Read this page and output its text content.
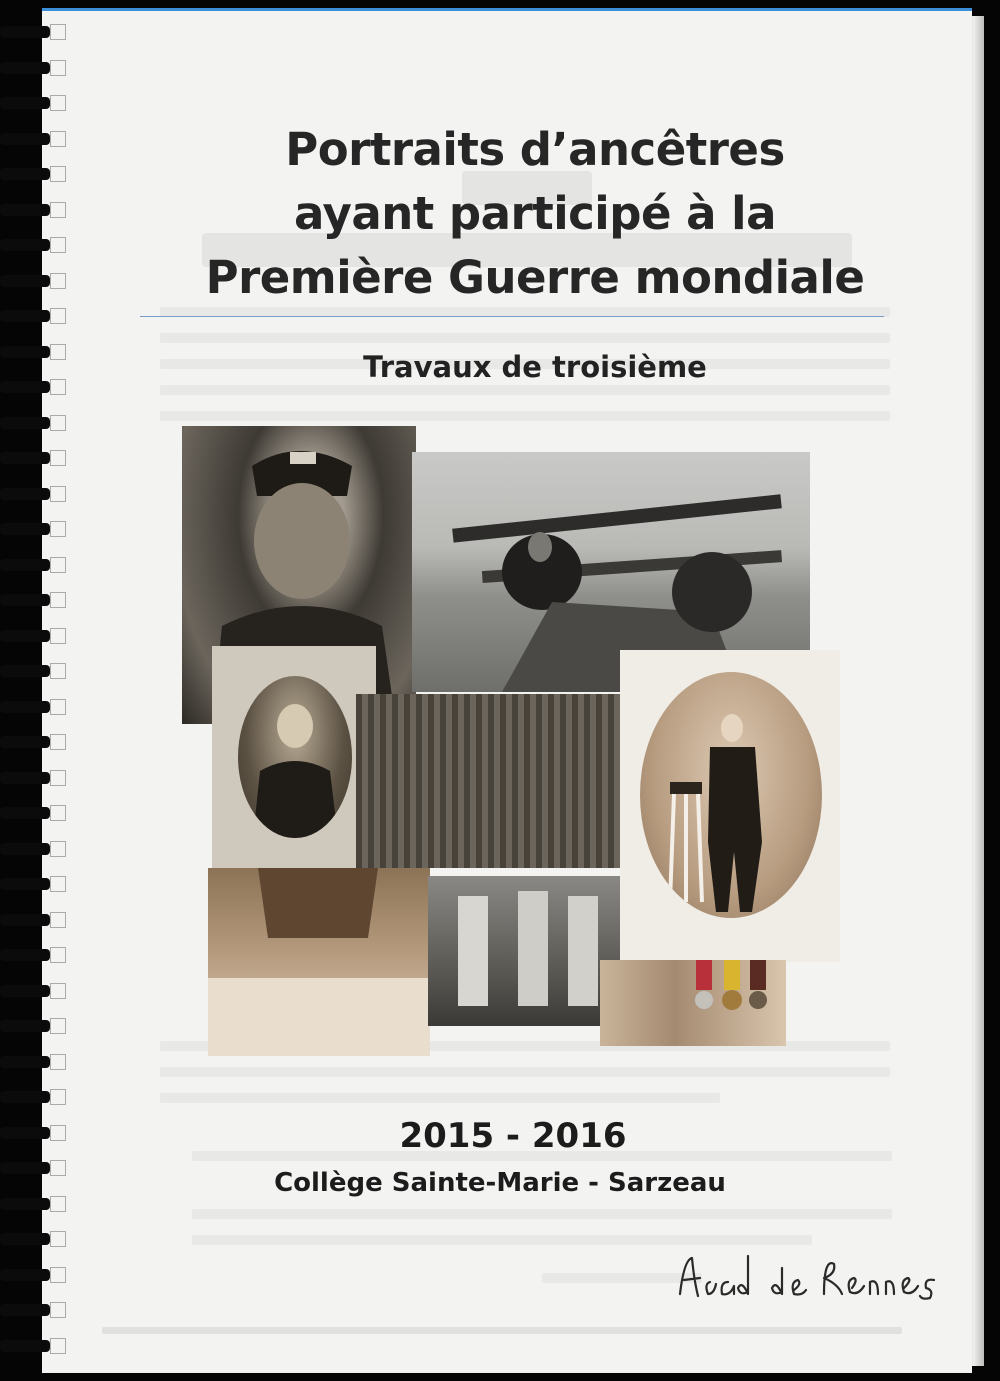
Portraits d’ancêtres
ayant participé à la
Première Guerre mondiale
Travaux de troisième
2015 - 2016
Collège Sainte-Marie - Sarzeau
